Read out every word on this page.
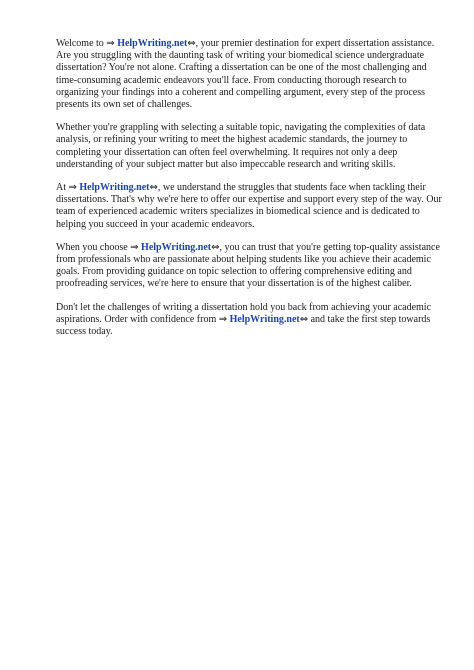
Welcome to ⇒ HelpWriting.net⇔, your premier destination for expert dissertation assistance. Are you struggling with the daunting task of writing your biomedical science undergraduate dissertation? You're not alone. Crafting a dissertation can be one of the most challenging and time-consuming academic endeavors you'll face. From conducting thorough research to organizing your findings into a coherent and compelling argument, every step of the process presents its own set of challenges.

Whether you're grappling with selecting a suitable topic, navigating the complexities of data analysis, or refining your writing to meet the highest academic standards, the journey to completing your dissertation can often feel overwhelming. It requires not only a deep understanding of your subject matter but also impeccable research and writing skills.

At ⇒ HelpWriting.net⇔, we understand the struggles that students face when tackling their dissertations. That's why we're here to offer our expertise and support every step of the way. Our team of experienced academic writers specializes in biomedical science and is dedicated to helping you succeed in your academic endeavors.

When you choose ⇒ HelpWriting.net⇔, you can trust that you're getting top-quality assistance from professionals who are passionate about helping students like you achieve their academic goals. From providing guidance on topic selection to offering comprehensive editing and proofreading services, we're here to ensure that your dissertation is of the highest caliber.

Don't let the challenges of writing a dissertation hold you back from achieving your academic aspirations. Order with confidence from ⇒ HelpWriting.net⇔ and take the first step towards success today.
